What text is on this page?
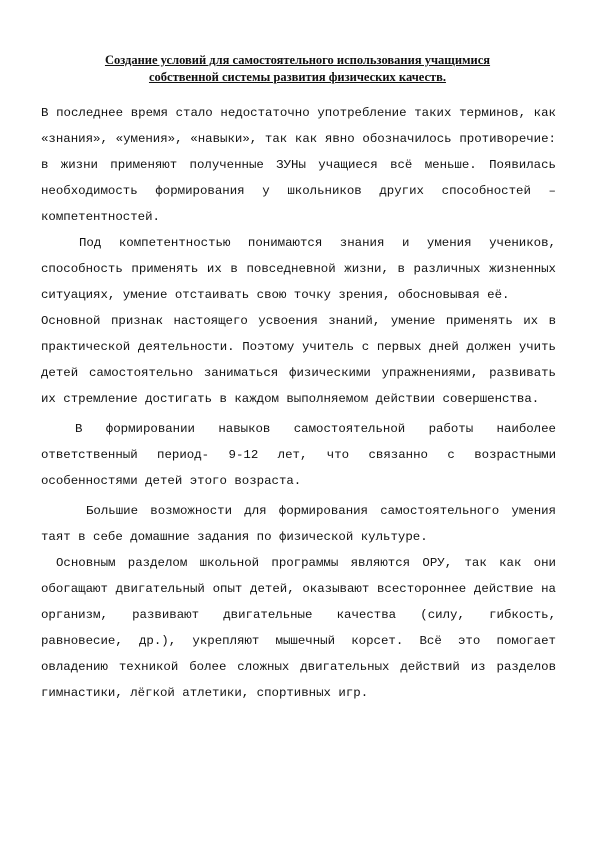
Создание условий для самостоятельного использования учащимися
собственной системы развития физических качеств.

В последнее время стало недостаточно употребление таких терминов, как «знания», «умения», «навыки», так как явно обозначилось противоречие: в жизни применяют полученные ЗУНы учащиеся всё меньше. Появилась необходимость формирования у школьников других способностей – компетентностей.

Под компетентностью понимаются знания и умения учеников, способность применять их в повседневной жизни, в различных жизненных ситуациях, умение отстаивать свою точку зрения, обосновывая её.

Основной признак настоящего усвоения знаний, умение применять их в практической деятельности. Поэтому учитель с первых дней должен учить детей самостоятельно заниматься физическими упражнениями, развивать их стремление достигать в каждом выполняемом действии совершенства.

В формировании навыков самостоятельной работы наиболее ответственный период- 9-12 лет, что связанно с возрастными особенностями детей этого возраста.

Большие возможности для формирования самостоятельного умения таят в себе домашние задания по физической культуре.

Основным разделом школьной программы являются ОРУ, так как они обогащают двигательный опыт детей, оказывают всестороннее действие на организм, развивают двигательные качества (силу, гибкость, равновесие, др.), укрепляют мышечный корсет. Всё это помогает овладению техникой более сложных двигательных действий из разделов гимнастики, лёгкой атлетики, спортивных игр.
